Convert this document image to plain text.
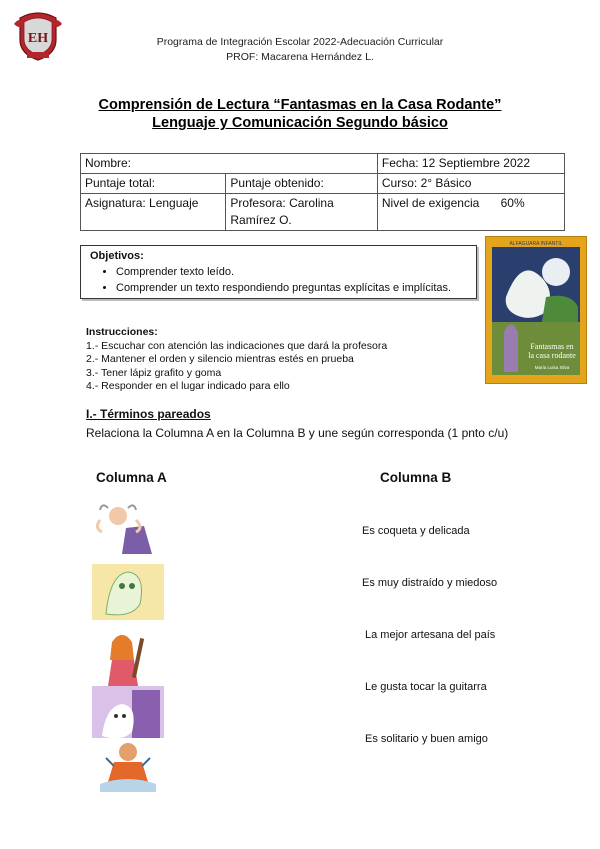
EH	Programa de Integración Escolar 2022-Adecuación Curricular
PROF: Macarena Hernández L.
Comprensión de Lectura “Fantasmas en la Casa Rodante”
Lenguaje y Comunicación Segundo básico
Nombre:		Fecha: 12 Septiembre 2022
Puntaje total:	Puntaje obtenido:	Curso: 2° Básico
Asignatura: Lenguaje	Profesora: Carolina Ramírez O.	Nivel de exigencia 60%
Objetivos:
• Comprender texto leído.
• Comprender un texto respondiendo preguntas explícitas e implícitas.
ALFAGUARA INFANTIL
Fantasmas en la casa rodante
María Luisa Silva
Instrucciones:
1.- Escuchar con atención las indicaciones que dará la profesora
2.- Mantener el orden y silencio mientras estés en prueba
3.- Tener lápiz grafito y goma
4.- Responder en el lugar indicado para ello
I.- Términos pareados
Relaciona la Columna A en la Columna B y une según corresponda (1 pnto c/u)
Columna A	Columna B
Es coqueta y delicada
Es muy distraído y miedoso
La mejor artesana del país
Le gusta tocar la guitarra
Es solitario y buen amigo
